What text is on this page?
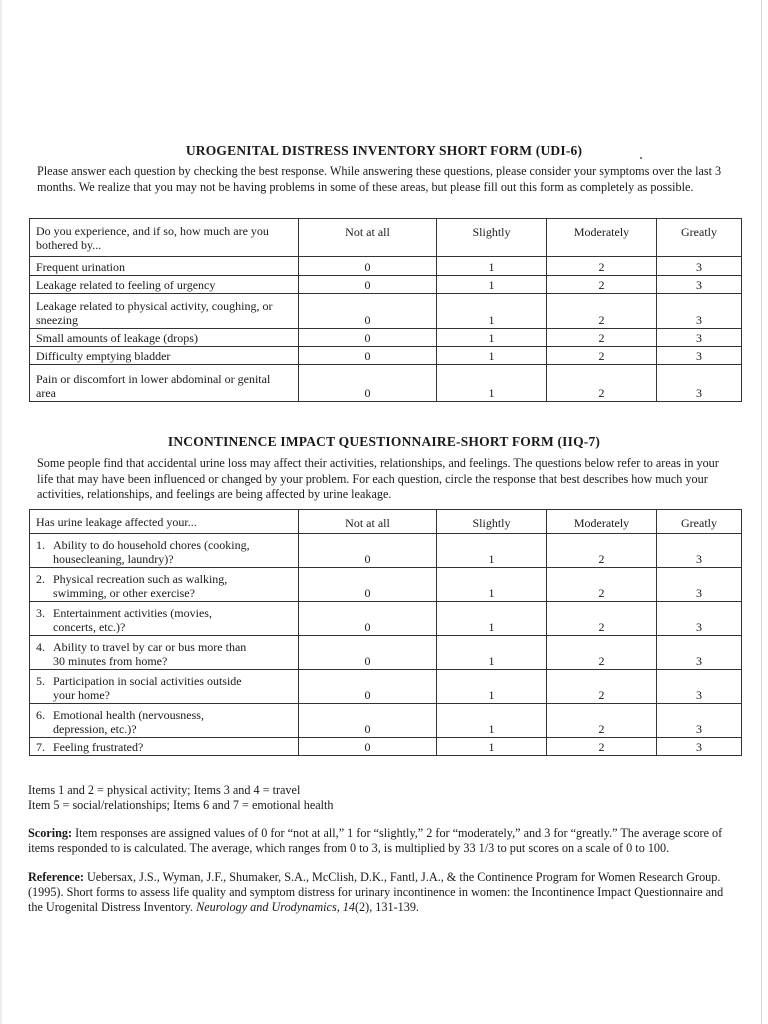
UROGENITAL DISTRESS INVENTORY SHORT FORM (UDI-6)
Please answer each question by checking the best response. While answering these questions, please consider your symptoms over the last 3 months. We realize that you may not be having problems in some of these areas, but please fill out this form as completely as possible.
Do you experience, and if so, how much are you bothered by...	Not at all	Slightly	Moderately	Greatly
Frequent urination	0	1	2	3
Leakage related to feeling of urgency	0	1	2	3
Leakage related to physical activity, coughing, or sneezing	0	1	2	3
Small amounts of leakage (drops)	0	1	2	3
Difficulty emptying bladder	0	1	2	3
Pain or discomfort in lower abdominal or genital area	0	1	2	3
INCONTINENCE IMPACT QUESTIONNAIRE-SHORT FORM (IIQ-7)
Some people find that accidental urine loss may affect their activities, relationships, and feelings. The questions below refer to areas in your life that may have been influenced or changed by your problem. For each question, circle the response that best describes how much your activities, relationships, and feelings are being affected by urine leakage.
Has urine leakage affected your...	Not at all	Slightly	Moderately	Greatly
1. Ability to do household chores (cooking,
housecleaning, laundry)?	0	1	2	3
2. Physical recreation such as walking,
swimming, or other exercise?	0	1	2	3
3. Entertainment activities (movies,
concerts, etc.)?	0	1	2	3
4. Ability to travel by car or bus more than
30 minutes from home?	0	1	2	3
5. Participation in social activities outside
your home?	0	1	2	3
6. Emotional health (nervousness,
depression, etc.)?	0	1	2	3
7. Feeling frustrated?	0	1	2	3
Items 1 and 2 = physical activity; Items 3 and 4 = travel
Item 5 = social/relationships; Items 6 and 7 = emotional health
Scoring: Item responses are assigned values of 0 for “not at all,” 1 for “slightly,” 2 for “moderately,” and 3 for “greatly.” The average score of items responded to is calculated. The average, which ranges from 0 to 3, is multiplied by 33 1/3 to put scores on a scale of 0 to 100.
Reference: Uebersax, J.S., Wyman, J.F., Shumaker, S.A., McClish, D.K., Fantl, J.A., & the Continence Program for Women Research Group. (1995). Short forms to assess life quality and symptom distress for urinary incontinence in women: the Incontinence Impact Questionnaire and the Urogenital Distress Inventory. Neurology and Urodynamics, 14(2), 131-139.
